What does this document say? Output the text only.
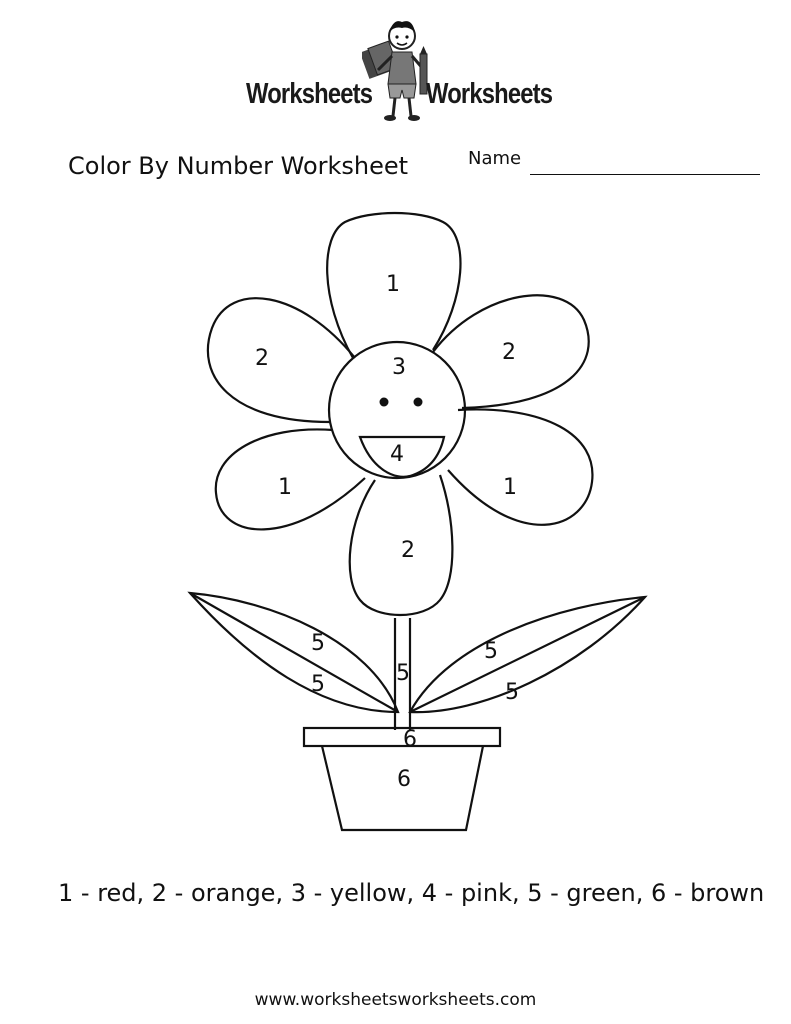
Worksheets Worksheets
Color By Number Worksheet	Name
1
2	2
3
4
1	1
2
5
5	5
5
5
6
6
1 - red, 2 - orange, 3 - yellow, 4 - pink, 5 - green, 6 - brown
www.worksheetsworksheets.com
